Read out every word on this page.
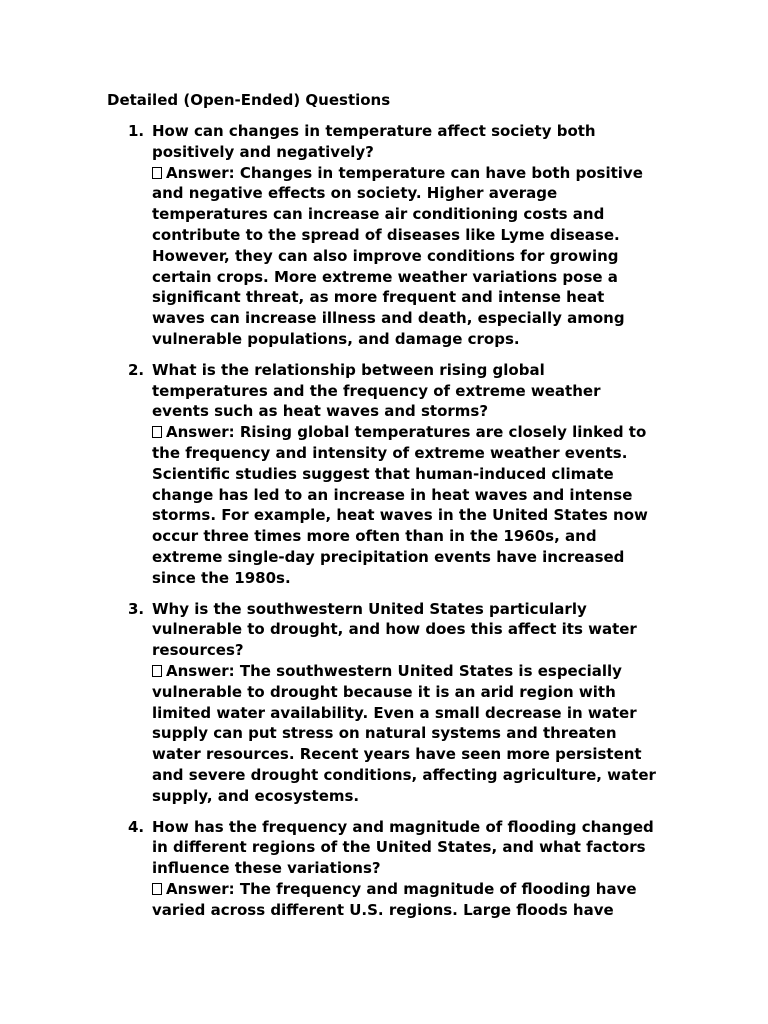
Detailed (Open-Ended) Questions
1. How can changes in temperature affect society both
positively and negatively?
Answer: Changes in temperature can have both positive
and negative effects on society. Higher average
temperatures can increase air conditioning costs and
contribute to the spread of diseases like Lyme disease.
However, they can also improve conditions for growing
certain crops. More extreme weather variations pose a
significant threat, as more frequent and intense heat
waves can increase illness and death, especially among
vulnerable populations, and damage crops.
2. What is the relationship between rising global
temperatures and the frequency of extreme weather
events such as heat waves and storms?
Answer: Rising global temperatures are closely linked to
the frequency and intensity of extreme weather events.
Scientific studies suggest that human-induced climate
change has led to an increase in heat waves and intense
storms. For example, heat waves in the United States now
occur three times more often than in the 1960s, and
extreme single-day precipitation events have increased
since the 1980s.
3. Why is the southwestern United States particularly
vulnerable to drought, and how does this affect its water
resources?
Answer: The southwestern United States is especially
vulnerable to drought because it is an arid region with
limited water availability. Even a small decrease in water
supply can put stress on natural systems and threaten
water resources. Recent years have seen more persistent
and severe drought conditions, affecting agriculture, water
supply, and ecosystems.
4. How has the frequency and magnitude of flooding changed
in different regions of the United States, and what factors
influence these variations?
Answer: The frequency and magnitude of flooding have
varied across different U.S. regions. Large floods have
